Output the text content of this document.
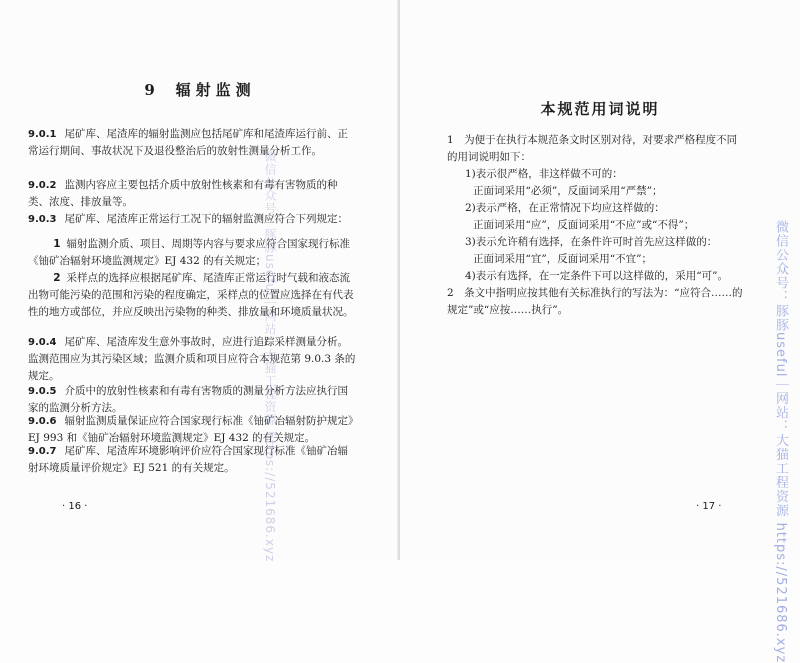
9 辐射监测
9.0.1 尾矿库、尾渣库的辐射监测应包括尾矿库和尾渣库运行前、正常运行期间、事故状况下及退役整治后的放射性测量分析工作。
9.0.2 监测内容应主要包括介质中放射性核素和有毒有害物质的种类、浓度、排放量等。
9.0.3 尾矿库、尾渣库正常运行工况下的辐射监测应符合下列规定：
1 辐射监测介质、项目、周期等内容与要求应符合国家现行标准《铀矿冶辐射环境监测规定》EJ 432 的有关规定；
2 采样点的选择应根据尾矿库、尾渣库正常运行时气载和液态流出物可能污染的范围和污染的程度确定，采样点的位置应选择在有代表性的地方或部位，并应反映出污染物的种类、排放量和环境质量状况。
9.0.4 尾矿库、尾渣库发生意外事故时，应进行追踪采样测量分析。监测范围应为其污染区域；监测介质和项目应符合本规范第 9.0.3 条的规定。
9.0.5 介质中的放射性核素和有毒有害物质的测量分析方法应执行国家的监测分析方法。
9.0.6 辐射监测质量保证应符合国家现行标准《铀矿冶辐射防护规定》EJ 993 和《铀矿冶辐射环境监测规定》EJ 432 的有关规定。
9.0.7 尾矿库、尾渣库环境影响评价应符合国家现行标准《铀矿冶辐射环境质量评价规定》EJ 521 的有关规定。
· 16 ·
本规范用词说明
1　为便于在执行本规范条文时区别对待，对要求严格程度不同的用词说明如下：
1)表示很严格，非这样做不可的：
正面词采用“必须”，反面词采用“严禁”；
2)表示严格，在正常情况下均应这样做的：
正面词采用“应”，反面词采用“不应”或“不得”；
3)表示允许稍有选择，在条件许可时首先应这样做的：
正面词采用“宜”，反面词采用“不宜”；
4)表示有选择，在一定条件下可以这样做的，采用“可”。
2　条文中指明应按其他有关标准执行的写法为：“应符合……的规定”或“应按……执行”。
· 17 ·
微信公众号：豚豚useful｜网站：大猫工程资源 https://521686.xyz	微信公众号：豚豚useful｜网站：大猫工程资源 https://521686.xyz
